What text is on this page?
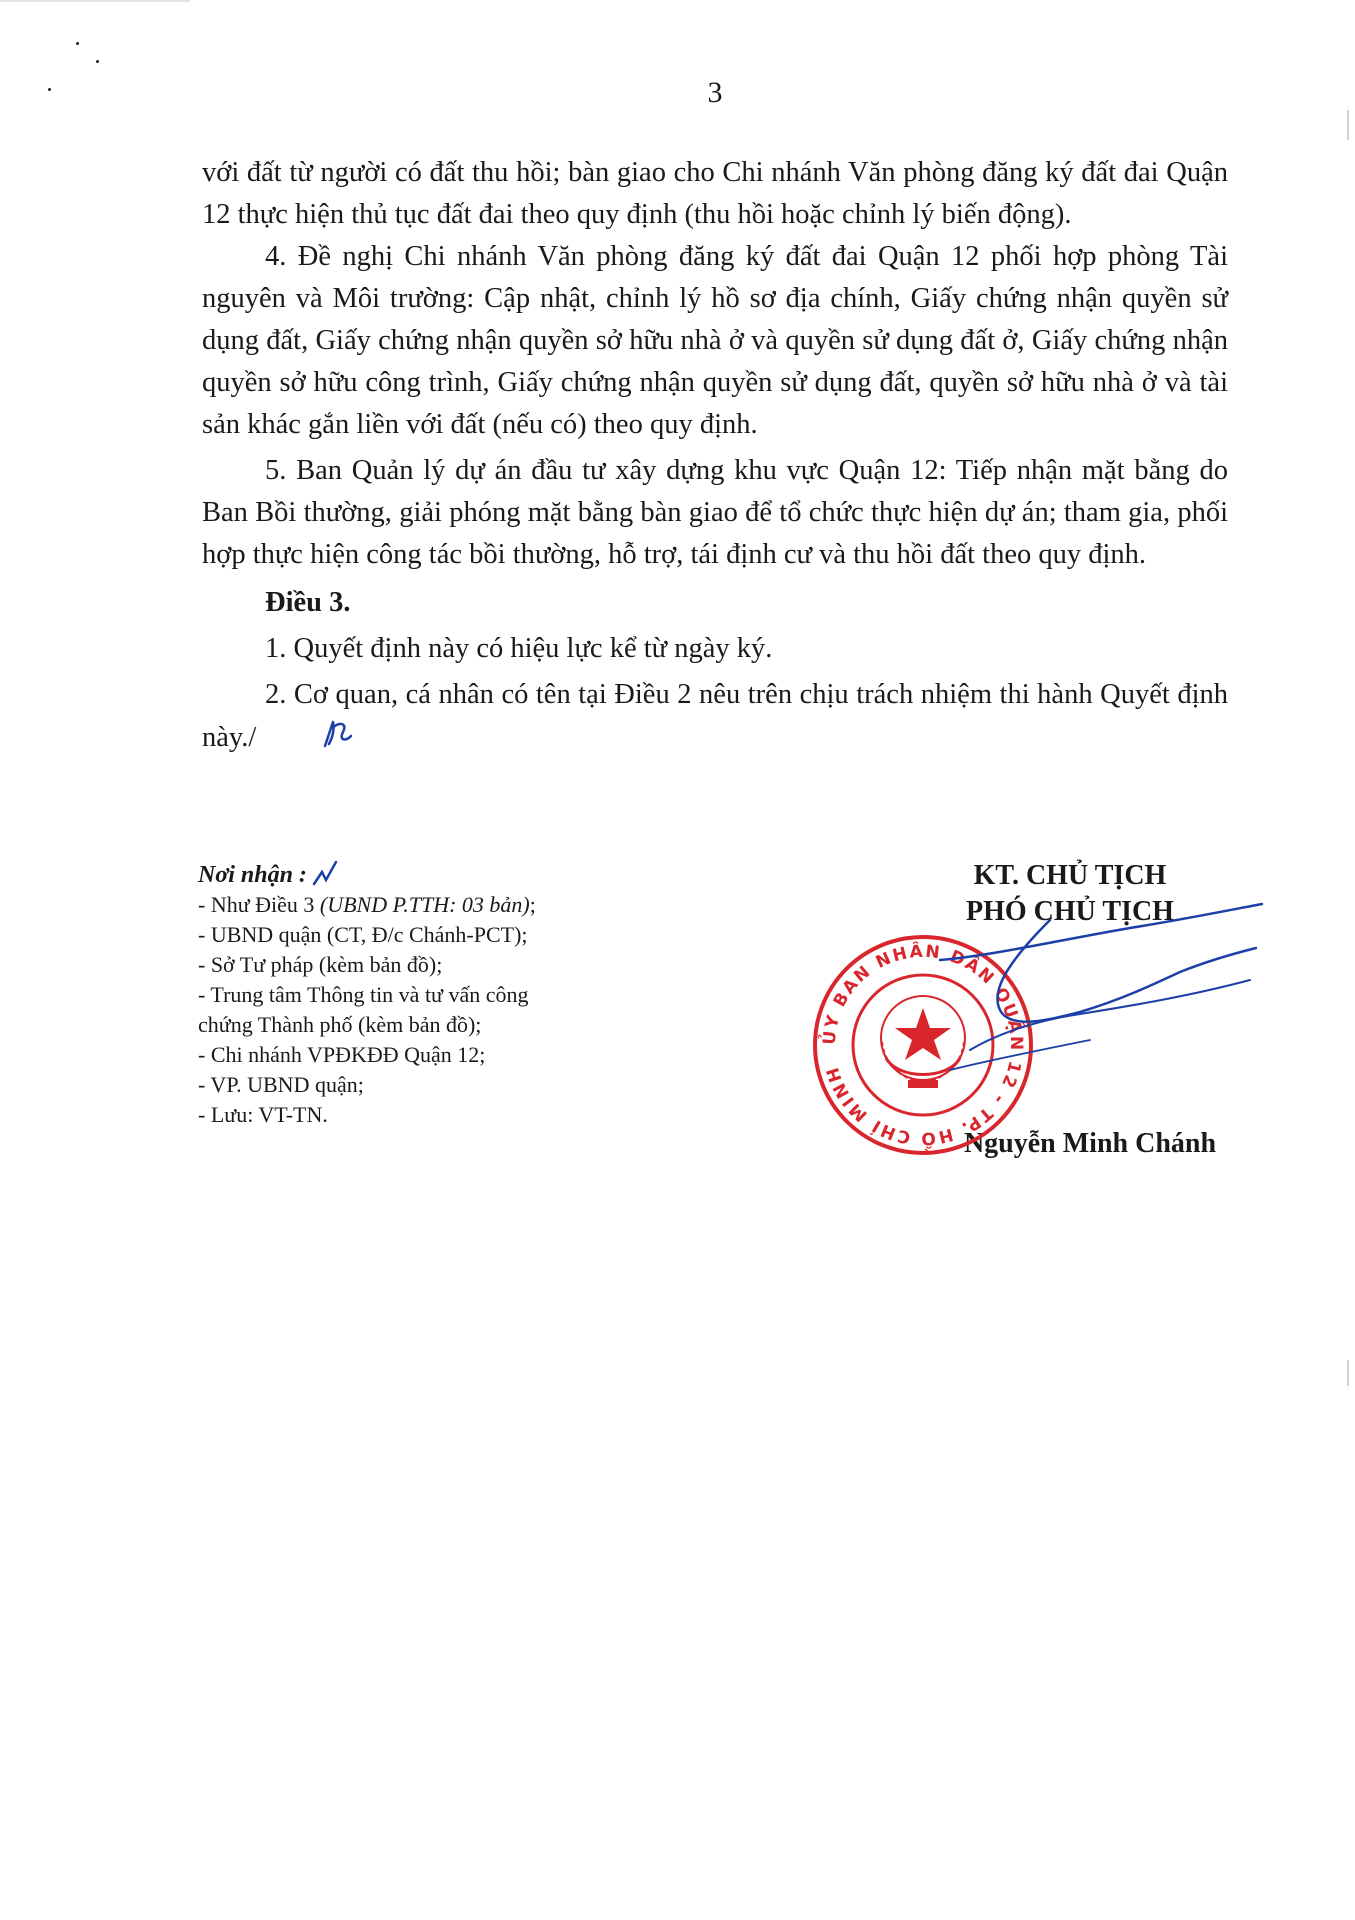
3

với đất từ người có đất thu hồi; bàn giao cho Chi nhánh Văn phòng đăng ký đất đai Quận 12 thực hiện thủ tục đất đai theo quy định (thu hồi hoặc chỉnh lý biến động).

4. Đề nghị Chi nhánh Văn phòng đăng ký đất đai Quận 12 phối hợp phòng Tài nguyên và Môi trường: Cập nhật, chỉnh lý hồ sơ địa chính, Giấy chứng nhận quyền sử dụng đất, Giấy chứng nhận quyền sở hữu nhà ở và quyền sử dụng đất ở, Giấy chứng nhận quyền sở hữu công trình, Giấy chứng nhận quyền sử dụng đất, quyền sở hữu nhà ở và tài sản khác gắn liền với đất (nếu có) theo quy định.

5. Ban Quản lý dự án đầu tư xây dựng khu vực Quận 12: Tiếp nhận mặt bằng do Ban Bồi thường, giải phóng mặt bằng bàn giao để tổ chức thực hiện dự án; tham gia, phối hợp thực hiện công tác bồi thường, hỗ trợ, tái định cư và thu hồi đất theo quy định.

Điều 3.

1. Quyết định này có hiệu lực kể từ ngày ký.

2. Cơ quan, cá nhân có tên tại Điều 2 nêu trên chịu trách nhiệm thi hành Quyết định này./

Nơi nhận :
- Như Điều 3 (UBND P.TTH: 03 bản);
- UBND quận (CT, Đ/c Chánh-PCT);
- Sở Tư pháp (kèm bản đồ);
- Trung tâm Thông tin và tư vấn công
chứng Thành phố (kèm bản đồ);
- Chi nhánh VPĐKĐĐ Quận 12;
- VP. UBND quận;
- Lưu: VT-TN.
KT. CHỦ TỊCH
PHÓ CHỦ TỊCH
Nguyễn Minh Chánh
ỦY BAN NHÂN DÂN QUẬN 12 - TP. HỒ CHÍ MINH
